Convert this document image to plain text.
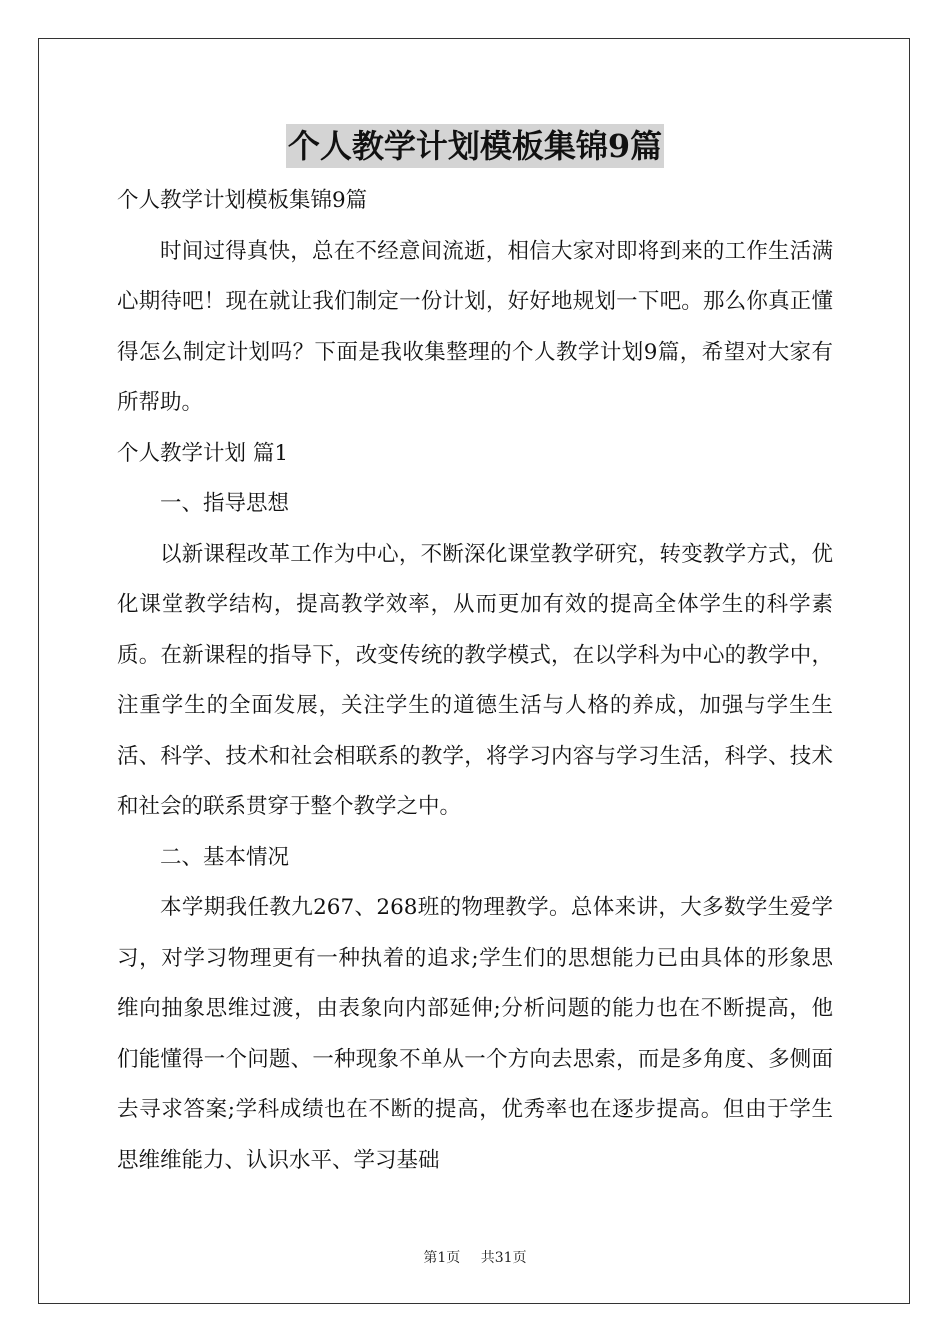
个人教学计划模板集锦9篇

个人教学计划模板集锦9篇

时间过得真快，总在不经意间流逝，相信大家对即将到来的工作生活满心期待吧！现在就让我们制定一份计划，好好地规划一下吧。那么你真正懂得怎么制定计划吗？下面是我收集整理的个人教学计划9篇，希望对大家有所帮助。

个人教学计划 篇1

一、指导思想

以新课程改革工作为中心，不断深化课堂教学研究，转变教学方式，优化课堂教学结构，提高教学效率，从而更加有效的提高全体学生的科学素质。在新课程的指导下，改变传统的教学模式，在以学科为中心的教学中，注重学生的全面发展，关注学生的道德生活与人格的养成，加强与学生生活、科学、技术和社会相联系的教学，将学习内容与学习生活，科学、技术和社会的联系贯穿于整个教学之中。

二、基本情况

本学期我任教九267、268班的物理教学。总体来讲，大多数学生爱学习，对学习物理更有一种执着的追求;学生们的思想能力已由具体的形象思维向抽象思维过渡，由表象向内部延伸;分析问题的能力也在不断提高，他们能懂得一个问题、一种现象不单从一个方向去思索，而是多角度、多侧面去寻求答案;学科成绩也在不断的提高，优秀率也在逐步提高。但由于学生思维维能力、认识水平、学习基础

第1页 共31页
